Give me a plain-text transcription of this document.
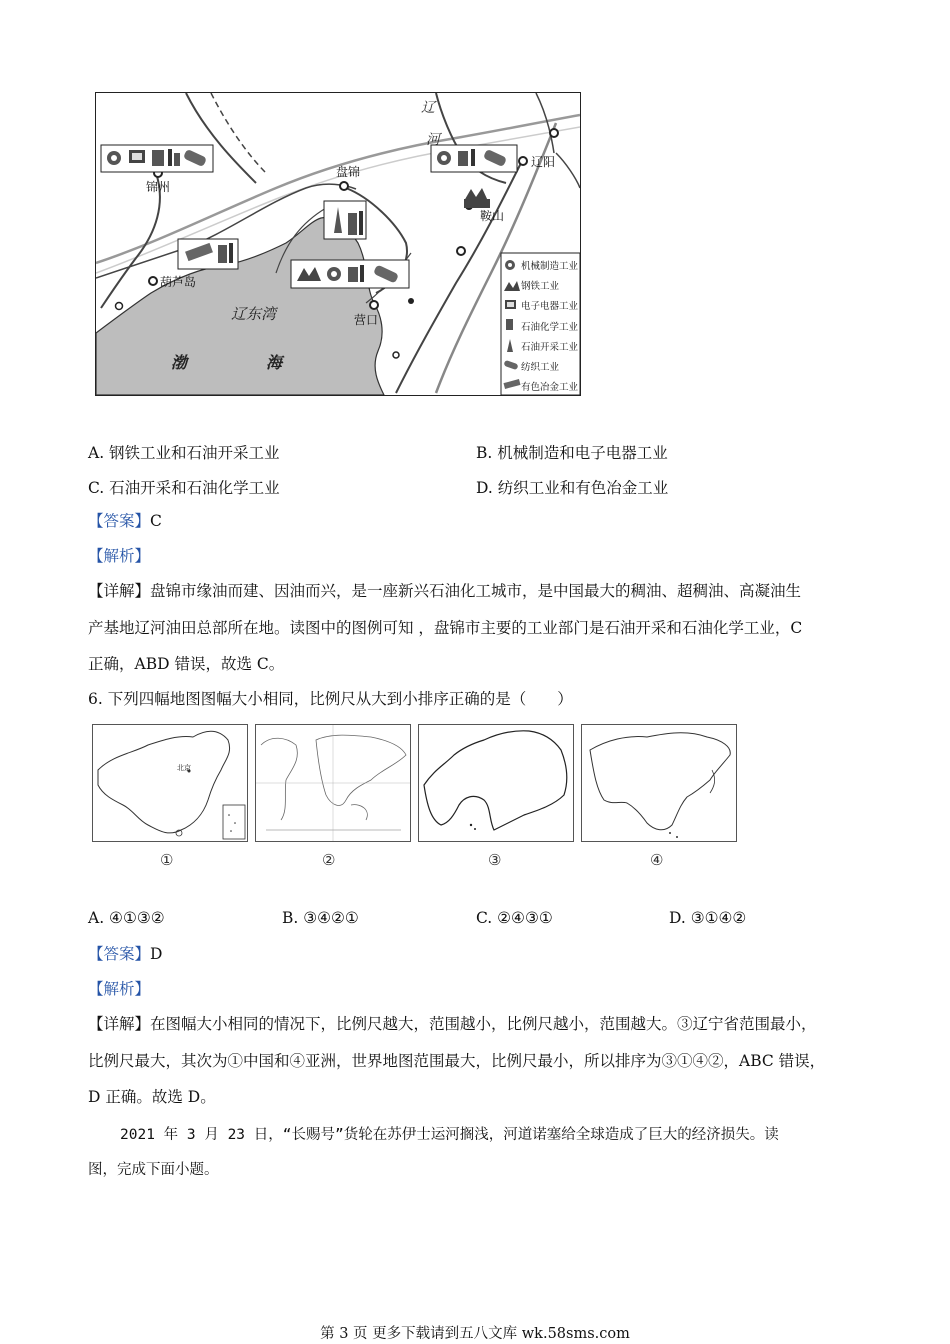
辽
河
锦州
盘锦
辽阳
鞍山
葫芦岛
营口
辽东湾
渤	海
机械制造工业
钢铁工业
电子电器工业
石油化学工业
石油开采工业
纺织工业
有色冶金工业
A. 钢铁工业和石油开采工业	B. 机械制造和电子电器工业
C. 石油开采和石油化学工业	D. 纺织工业和有色冶金工业
【答案】C
【解析】
【详解】盘锦市缘油而建、因油而兴，是一座新兴石油化工城市，是中国最大的稠油、超稠油、高凝油生
产基地辽河油田总部所在地。读图中的图例可知 ，盘锦市主要的工业部门是石油开采和石油化学工业，C
正确，ABD 错误，故选 C。
6. 下列四幅地图图幅大小相同，比例尺从大到小排序正确的是（　　）
北京
①	②	③	④
A. ④①③②	B. ③④②①	C. ②④③①	D. ③①④②
【答案】D
【解析】
【详解】在图幅大小相同的情况下，比例尺越大，范围越小，比例尺越小，范围越大。③辽宁省范围最小，
比例尺最大，其次为①中国和④亚洲，世界地图范围最大，比例尺最小，所以排序为③①④②，ABC 错误，
D 正确。故选 D。
2021 年 3 月 23 日，“长赐号”货轮在苏伊士运河搁浅，河道诺塞给全球造成了巨大的经济损失。读
图，完成下面小题。
第 3 页 更多下载请到五八文库 wk.58sms.com
